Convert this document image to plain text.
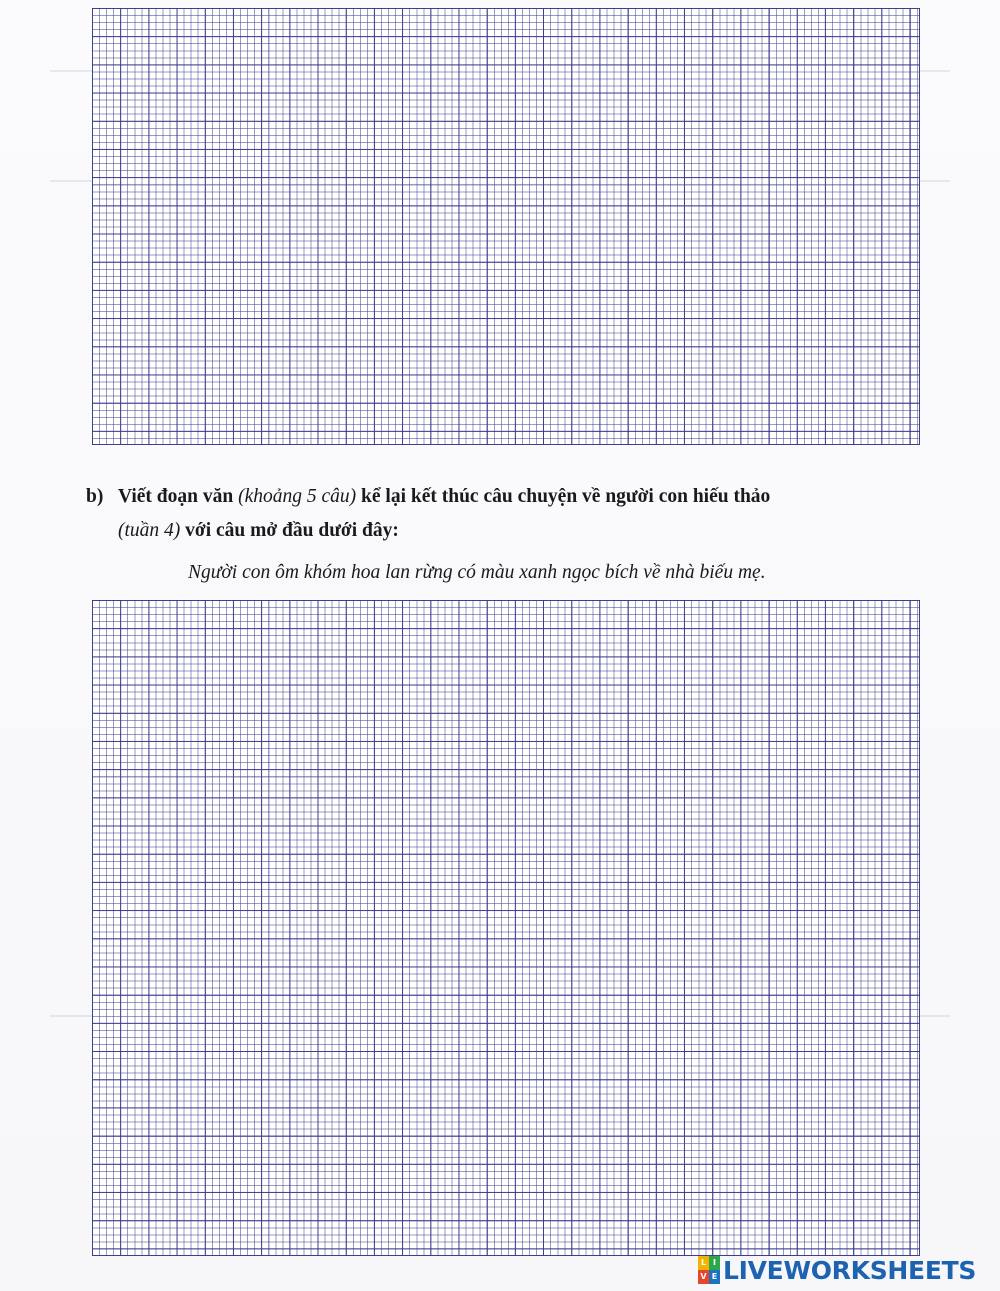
b) Viết đoạn văn (khoảng 5 câu) kể lại kết thúc câu chuyện về người con hiếu thảo
(tuần 4) với câu mở đầu dưới đây:
Người con ôm khóm hoa lan rừng có màu xanh ngọc bích về nhà biếu mẹ.
L I
V E LIVEWORKSHEETS
